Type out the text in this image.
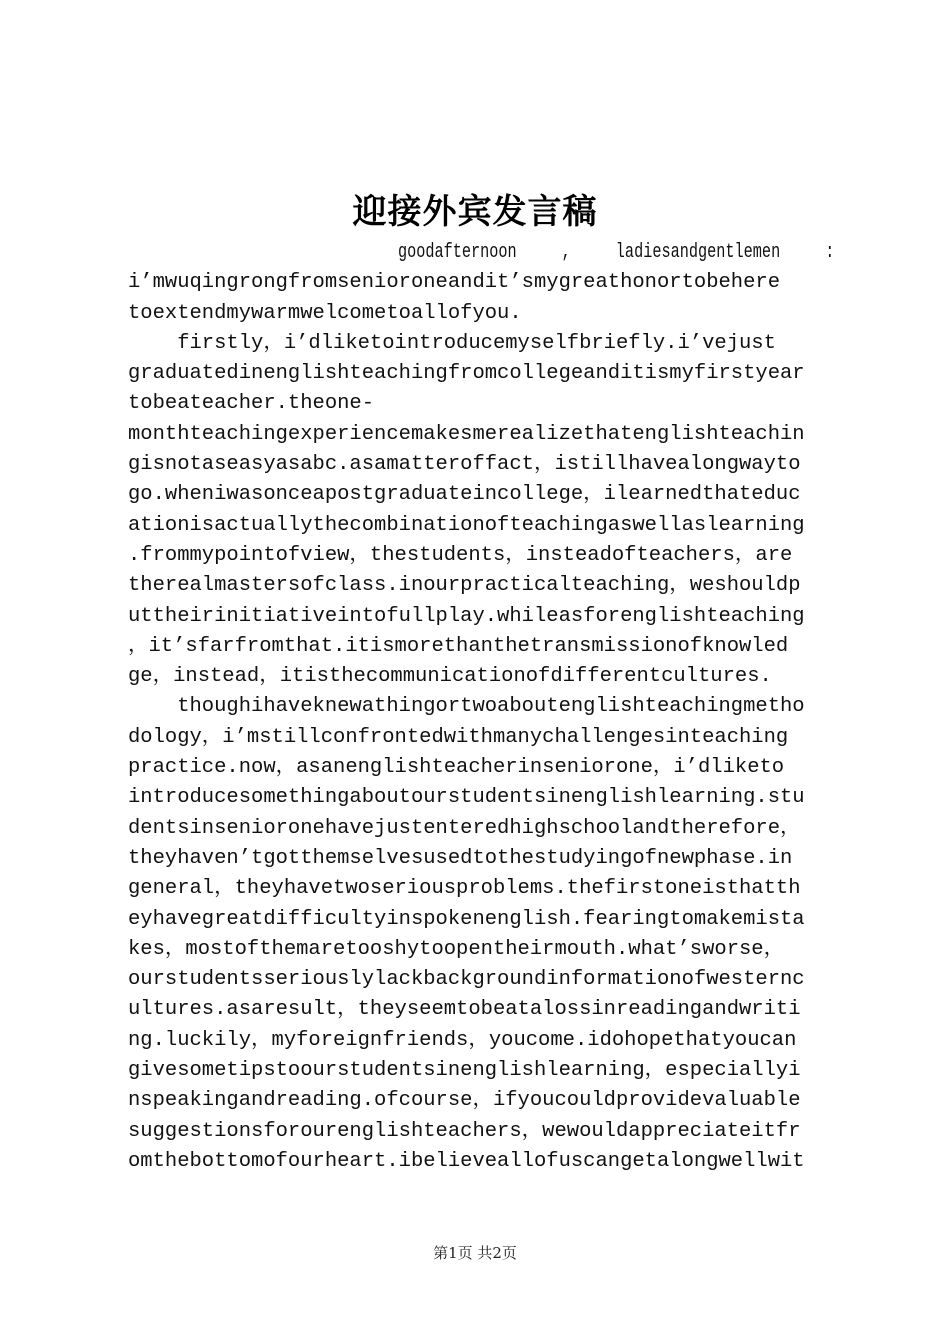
迎接外宾发言稿
goodafternoon  ,  ladiesandgentlemen  :
i’mwuqingrongfromsenioroneandit’smygreathonortobehere
toextendmywarmwelcometoallofyou.
firstly，i’dliketointroducemyselfbriefly.i’vejust
graduatedinenglishteachingfromcollegeanditismyfirstyear
tobeateacher.theone-
monthteachingexperiencemakesmerealizethatenglishteachin
gisnotaseasyasabc.asamatteroffact，istillhavealongwayto
go.wheniwasonceapostgraduateincollege，ilearnedthateduc
ationisactuallythecombinationofteachingaswellaslearning
.frommypointofview，thestudents，insteadofteachers，are
therealmastersofclass.inourpracticalteaching，weshouldp
uttheirinitiativeintofullplay.whileasforenglishteaching
，it’sfarfromthat.itismorethanthetransmissionofknowled
ge，instead，itisthecommunicationofdifferentcultures.
thoughihaveknewathingortwoaboutenglishteachingmetho
dology，i’mstillconfrontedwithmanychallengesinteaching
practice.now，asanenglishteacherinseniorone，i’dliketo
introducesomethingaboutourstudentsinenglishlearning.stu
dentsinsenioronehavejustenteredhighschoolandtherefore，
theyhaven’tgotthemselvesusedtothestudyingofnewphase.in
general，theyhavetwoseriousproblems.thefirstoneisthatth
eyhavegreatdifficultyinspokenenglish.fearingtomakemista
kes，mostofthemaretooshytoopentheirmouth.what’sworse，
ourstudentsseriouslylackbackgroundinformationofwesternc
ultures.asaresult，theyseemtobeatalossinreadingandwriti
ng.luckily，myforeignfriends，youcome.idohopethatyoucan
givesometipstoourstudentsinenglishlearning，especiallyi
nspeakingandreading.ofcourse，ifyoucouldprovidevaluable
suggestionsforourenglishteachers，wewouldappreciateitfr
omthebottomofourheart.ibelieveallofuscangetalongwellwit
第1页 共2页
